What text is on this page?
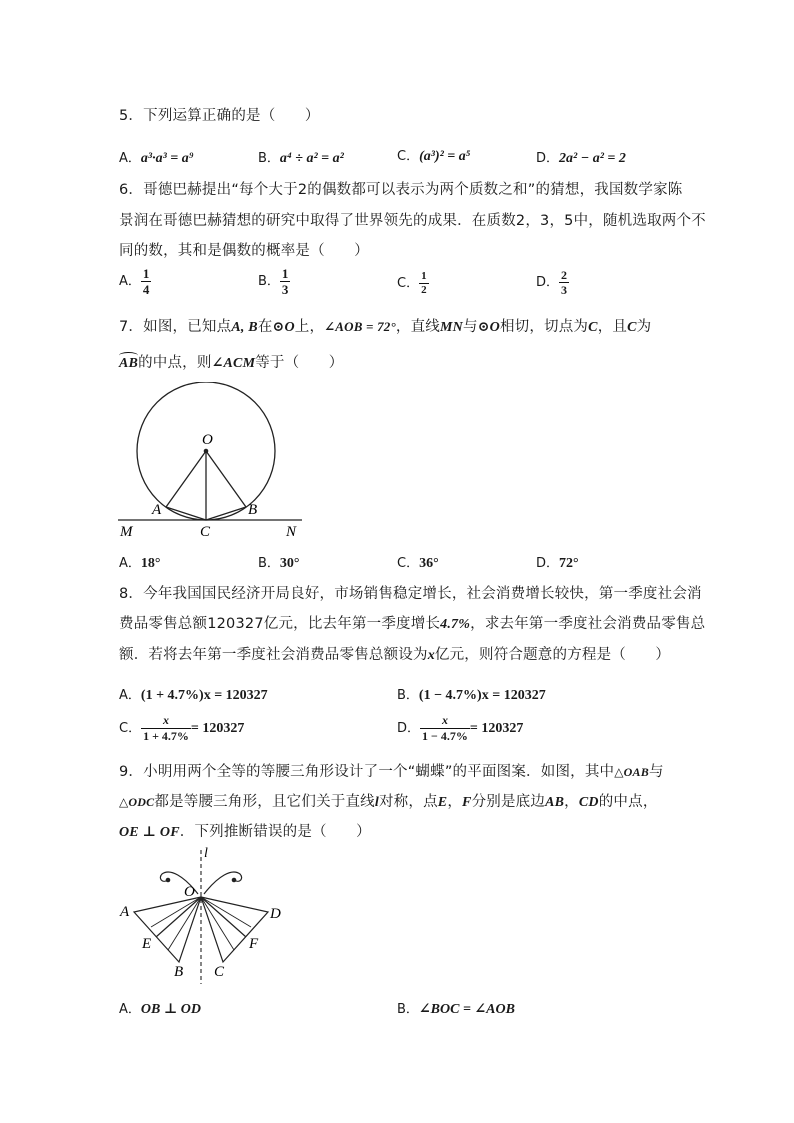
5．下列运算正确的是（　　）
A．a³·a³ = a⁹	B．a⁴ ÷ a² = a²	C．(a³)² = a⁵	D．2a² − a² = 2
6．哥德巴赫提出“每个大于2的偶数都可以表示为两个质数之和”的猜想，我国数学家陈
景润在哥德巴赫猜想的研究中取得了世界领先的成果．在质数2，3，5中，随机选取两个不
同的数，其和是偶数的概率是（　　）
A． $\frac{1}{4}$	B． $\frac{1}{3}$	C． $\frac{1}{2}$	D． $\frac{2}{3}$
7．如图，已知点A, B在⊙O上，∠AOB = 72°，直线MN与⊙O相切，切点为C，且C为
AB的中点，则∠ACM等于（　　）
O
A	B
C
M	N
A．18°	B．30°	C．36°	D．72°
8．今年我国国民经济开局良好，市场销售稳定增长，社会消费增长较快，第一季度社会消
费品零售总额120327亿元，比去年第一季度增长4.7%，求去年第一季度社会消费品零售总
额．若将去年第一季度社会消费品零售总额设为x亿元，则符合题意的方程是（　　）
A．(1 + 4.7%)x = 120327	B．(1 − 4.7%)x = 120327
C． $\frac{x}{1 + 4.7\%} = 120327$	D． $\frac{x}{1 - 4.7\%} = 120327$
9．小明用两个全等的等腰三角形设计了一个“蝴蝶”的平面图案．如图，其中△OAB与
△ODC都是等腰三角形，且它们关于直线l对称，点E，F分别是底边AB，CD的中点，
OE ⊥ OF．下列推断错误的是（　　）
l
O
A	D
E	F
B C
A．OB ⊥ OD	B．∠BOC = ∠AOB
